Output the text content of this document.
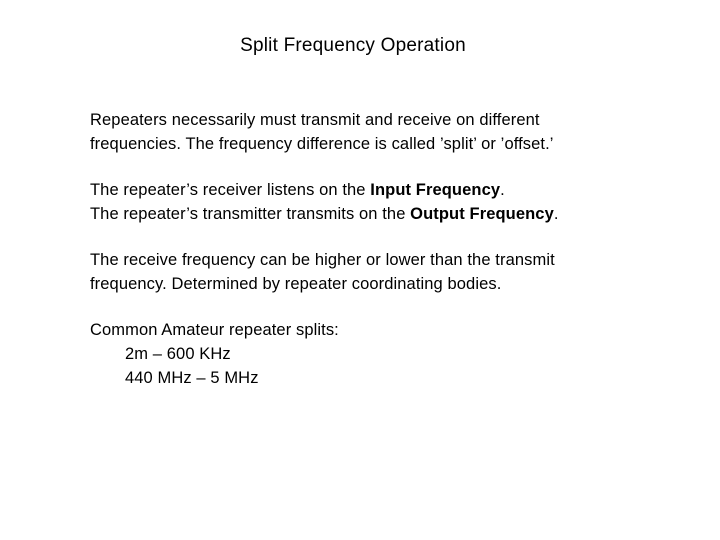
Split Frequency Operation
Repeaters necessarily must transmit and receive on different
frequencies. The frequency difference is called ’split’ or ’offset.’
The repeater’s receiver listens on the Input Frequency.
The repeater’s transmitter transmits on the Output Frequency.
The receive frequency can be higher or lower than the transmit
frequency. Determined by repeater coordinating bodies.
Common Amateur repeater splits:
2m – 600 KHz
440 MHz – 5 MHz
